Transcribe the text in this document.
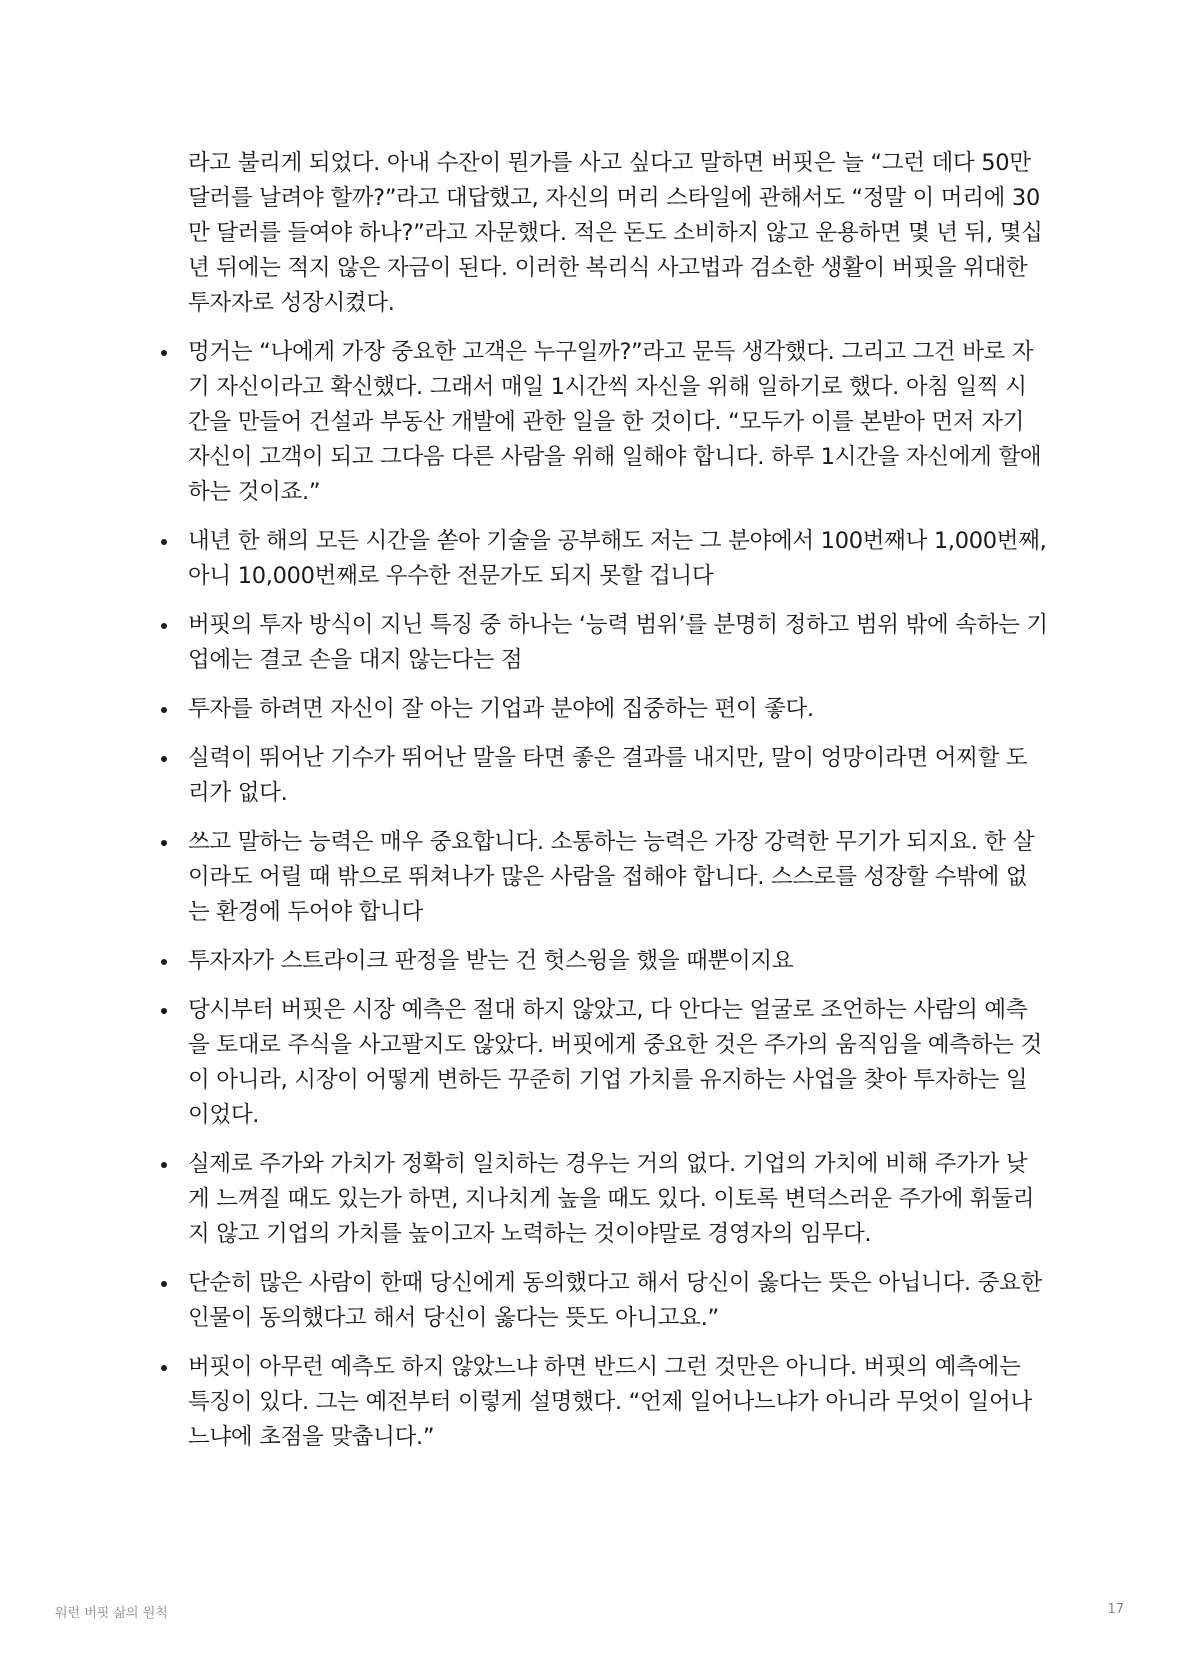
라고 불리게 되었다. 아내 수잔이 뭔가를 사고 싶다고 말하면 버핏은 늘 “그런 데다 50만 달러를 날려야 할까?”라고 대답했고, 자신의 머리 스타일에 관해서도 “정말 이 머리에 30만 달러를 들여야 하나?”라고 자문했다. 적은 돈도 소비하지 않고 운용하면 몇 년 뒤, 몇십 년 뒤에는 적지 않은 자금이 된다. 이러한 복리식 사고법과 검소한 생활이 버핏을 위대한 투자자로 성장시켰다.

멍거는 “나에게 가장 중요한 고객은 누구일까?”라고 문득 생각했다. 그리고 그건 바로 자기 자신이라고 확신했다. 그래서 매일 1시간씩 자신을 위해 일하기로 했다. 아침 일찍 시간을 만들어 건설과 부동산 개발에 관한 일을 한 것이다. “모두가 이를 본받아 먼저 자기 자신이 고객이 되고 그다음 다른 사람을 위해 일해야 합니다. 하루 1시간을 자신에게 할애하는 것이죠.”
내년 한 해의 모든 시간을 쏟아 기술을 공부해도 저는 그 분야에서 100번째나 1,000번째, 아니 10,000번째로 우수한 전문가도 되지 못할 겁니다
버핏의 투자 방식이 지닌 특징 중 하나는 ‘능력 범위’를 분명히 정하고 범위 밖에 속하는 기업에는 결코 손을 대지 않는다는 점
투자를 하려면 자신이 잘 아는 기업과 분야에 집중하는 편이 좋다.
실력이 뛰어난 기수가 뛰어난 말을 타면 좋은 결과를 내지만, 말이 엉망이라면 어찌할 도리가 없다.
쓰고 말하는 능력은 매우 중요합니다. 소통하는 능력은 가장 강력한 무기가 되지요. 한 살이라도 어릴 때 밖으로 뛰쳐나가 많은 사람을 접해야 합니다. 스스로를 성장할 수밖에 없는 환경에 두어야 합니다
투자자가 스트라이크 판정을 받는 건 헛스윙을 했을 때뿐이지요
당시부터 버핏은 시장 예측은 절대 하지 않았고, 다 안다는 얼굴로 조언하는 사람의 예측을 토대로 주식을 사고팔지도 않았다. 버핏에게 중요한 것은 주가의 움직임을 예측하는 것이 아니라, 시장이 어떻게 변하든 꾸준히 기업 가치를 유지하는 사업을 찾아 투자하는 일이었다.
실제로 주가와 가치가 정확히 일치하는 경우는 거의 없다. 기업의 가치에 비해 주가가 낮게 느껴질 때도 있는가 하면, 지나치게 높을 때도 있다. 이토록 변덕스러운 주가에 휘둘리지 않고 기업의 가치를 높이고자 노력하는 것이야말로 경영자의 임무다.
단순히 많은 사람이 한때 당신에게 동의했다고 해서 당신이 옳다는 뜻은 아닙니다. 중요한 인물이 동의했다고 해서 당신이 옳다는 뜻도 아니고요.”
버핏이 아무런 예측도 하지 않았느냐 하면 반드시 그런 것만은 아니다. 버핏의 예측에는 특징이 있다. 그는 예전부터 이렇게 설명했다. “언제 일어나느냐가 아니라 무엇이 일어나느냐에 초점을 맞춥니다.”
워런 버핏 삶의 원칙	17
